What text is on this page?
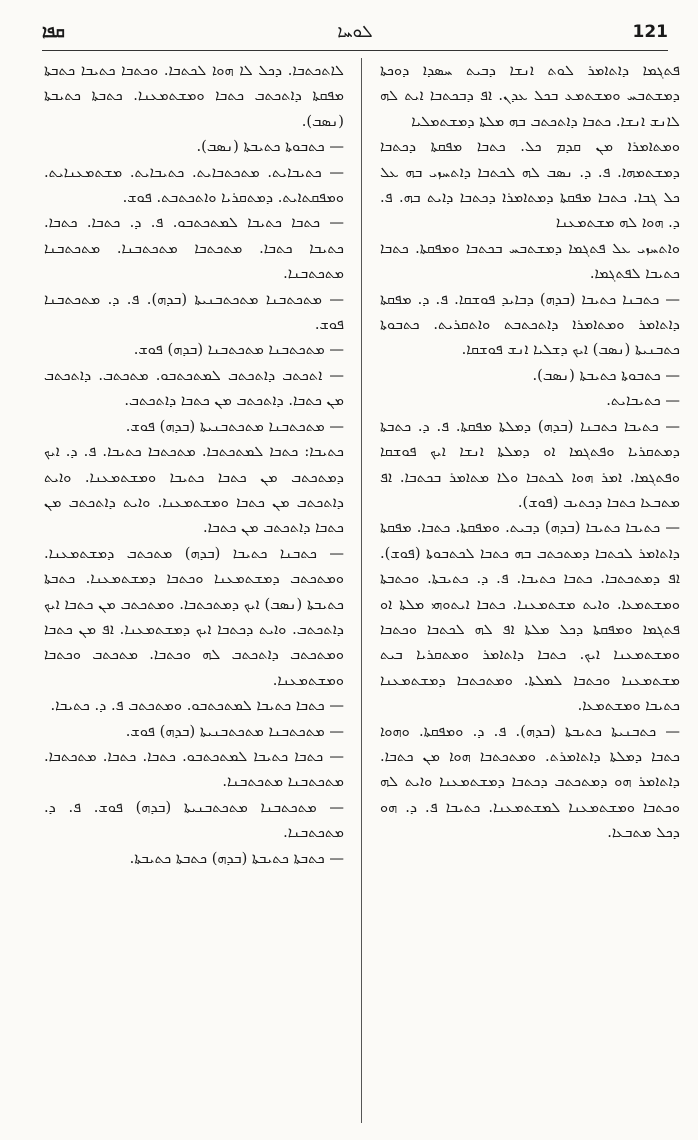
ܩܦܐ	ܠܘܚܐ	121

ܠܐܬܟܬܒܐ. ܕܟܠ ܠܐ ܗܘܐ ܠܟܬܒܐ. ܘܟܬܒܐ ܟܬܝܒܐ ܟܬܒܬܐ ܡܦܩܬܐ ܕܐܬܟܬܒ ܟܬܒܐ ܘܡܫܬܡܥܢܐ. ܟܬܒܬܐ ܟܬܝܒܬܐ (ܢܣܒ).

— ܟܬܒܘܬܐ ܟܬܝܒܬܐ (ܢܣܒ).

— ܟܬܝܒܐܝܬ. ܡܬܟܬܒܐܝܬ. ܟܬܝܒܐܝܬ. ܡܫܬܡܥܢܐܝܬ. ܘܡܦܩܬܐܝܬ. ܕܡܬܩܪܝܐ ܘܐܬܟܬܒܬ. ܦܘܫ.

— ܟܬܒܐ ܟܬܝܒܐ ܠܡܬܟܬܒܘ. ܦ. ܕ. ܟܬܒܐ. ܟܬܒܐ. ܟܬܝܒܐ ܟܬܒܐ. ܡܬܟܬܒܐ ܡܬܟܬܒܢܐ. ܡܬܟܬܒܢܐ ܡܬܟܬܒܢܐ.

— ܡܬܟܬܒܢܐ ܡܬܟܬܒܢܝܬܐ (ܒܕܗ). ܦ. ܕ. ܡܬܟܬܒܢܐ ܦܘܫ.

— ܡܬܟܬܒܢܐ ܡܬܟܬܒܢܐ (ܒܕܗ) ܦܘܫ.

— ܐܬܟܬܒ ܕܐܬܟܬܒ ܠܡܬܟܬܒܘ. ܡܬܟܬܒ. ܕܐܬܟܬܒ ܡܢ ܟܬܒܐ. ܕܐܬܟܬܒ ܡܢ ܟܬܒܐ ܕܐܬܟܬܒ.

— ܡܬܟܬܒܢܐ ܡܬܟܬܒܢܝܬܐ (ܒܕܗ) ܦܘܫ.

ܟܬܝܒܐ: ܟܬܒܐ ܠܡܬܟܬܒܐ. ܡܬܟܬܒܐ ܟܬܝܒܐ. ܦ. ܕ. ܐܝܟ ܕܡܬܟܬܒ ܡܢ ܟܬܒܐ ܟܬܝܒܐ ܘܡܫܬܡܥܢܐ. ܘܐܝܬ ܕܐܬܟܬܒ ܡܢ ܟܬܒܐ ܘܡܫܬܡܥܢܐ. ܘܐܝܬ ܕܐܬܟܬܒ ܡܢ ܟܬܒܐ ܕܐܬܟܬܒ ܡܢ ܟܬܒܐ.

— ܟܬܒܢܐ ܟܬܝܒܐ (ܒܕܗ) ܡܬܟܬܒ ܕܡܫܬܡܥܢܐ. ܘܡܬܟܬܒ ܕܡܫܬܡܥܢܐ ܘܟܬܒܐ ܕܡܫܬܡܥܢܐ. ܟܬܒܬܐ ܟܬܝܒܬܐ (ܢܣܒ) ܐܝܟ ܕܡܬܟܬܒܐ. ܘܡܬܟܬܒ ܡܢ ܟܬܒܐ ܐܝܟ ܕܐܬܟܬܒ. ܘܐܝܬ ܕܟܬܒܐ ܐܝܟ ܕܡܫܬܡܥܢܐ. ܐܦ ܡܢ ܟܬܒܐ ܘܡܬܟܬܒ ܕܐܬܟܬܒ ܠܗ ܘܟܬܒܐ. ܡܬܟܬܒ ܘܟܬܒܐ ܘܡܫܬܡܥܢܐ.

— ܟܬܒܐ ܟܬܝܒܐ ܠܡܬܟܬܒܘ. ܘܡܬܟܬܒ ܦ. ܕ. ܟܬܝܒܐ.

— ܡܬܟܬܒܢܐ ܡܬܟܬܒܢܝܬܐ (ܒܕܗ) ܦܘܫ.

— ܟܬܒܐ ܟܬܝܒܐ ܠܡܬܟܬܒܘ. ܟܬܒܐ. ܟܬܒܐ. ܡܬܟܬܒܐ. ܡܬܟܬܒܢܐ ܡܬܟܬܒܢܐ.

— ܡܬܟܬܒܢܐ ܡܬܟܬܒܢܝܬܐ (ܒܕܗ) ܦܘܫ. ܦ. ܕ. ܡܬܟܬܒܢܐ.

— ܟܬܒܬܐ ܟܬܝܒܬܐ (ܒܕܗ) ܟܬܒܬܐ ܟܬܝܒܬܐ.

ܦܬܓܡܐ ܕܐܬܐܡܪ ܠܘܬ ܐܢܫܐ ܕܒܝܬ ܚܣܕܐ ܕܘܟܬܐ ܕܡܫܬܒܚ ܘܡܫܬܡܥ ܒܟܠ ܥܕܢ. ܐܦ ܕܒܟܬܒܐ ܐܝܬ ܠܗ ܠܐܢܫ ܐܢܫܐ. ܟܬܒܐ ܕܐܬܟܬܒ ܒܗ ܡܠܬܐ ܕܡܫܬܡܠܝܐ

ܘܡܬܐܡܪܐ ܡܢ ܩܕܡ ܟܠ. ܟܬܒܐ ܡܦܩܬܐ ܕܟܬܒܐ ܕܡܫܬܡܗܐ. ܦ. ܕ. ܢܣܒ ܠܗ ܠܟܬܒܐ ܕܐܬܚܙܝ ܒܗ ܥܠ ܟܠ ܓܒܐ. ܟܬܒܐ ܡܦܩܬܐ ܕܡܬܐܡܪܐ ܕܟܬܒܐ ܕܐܝܬ ܒܗ. ܦ. ܕ. ܗܘܐ ܠܗ ܡܫܬܡܥܢܐ

ܘܐܬܚܙܝ ܥܠ ܦܬܓܡܐ ܕܡܫܬܒܚ ܒܟܬܒܐ ܘܡܦܩܬܐ. ܟܬܒܐ ܟܬܝܒܐ ܠܦܬܓܡܐ.

— ܟܬܒܢܐ ܟܬܝܒܐ (ܒܕܗ) ܕܒܐܝܕ ܦܘܫܩܐ. ܦ. ܕ. ܡܦܩܬܐ ܕܐܬܐܡܪ ܘܡܬܐܡܪܐ ܕܐܬܟܬܒܬ ܘܐܬܩܪܝܬ. ܟܬܒܘܬܐ ܟܬܒܢܝܬܐ (ܢܣܒ) ܐܝܟ ܕܫܠܝܐ ܐܢܫ ܦܘܫܩܐ.

— ܟܬܒܘܬܐ ܟܬܝܒܬܐ (ܢܣܒ).

— ܟܬܝܒܐܝܬ.

— ܟܬܝܒܐ ܟܬܒܢܐ (ܒܕܗ) ܕܡܠܬܐ ܡܦܩܬܐ. ܦ. ܕ. ܟܬܒܬܐ ܕܡܬܩܪܝܐ ܘܦܬܓܡܐ ܐܘ ܕܡܠܬܐ ܐܢܫܐ ܐܝܟ ܦܘܫܩܐ ܘܦܬܓܡܐ. ܐܡܪ ܗܘܐ ܠܟܬܒܐ ܘܠܐ ܡܬܐܡܪ ܒܟܬܒܐ. ܐܦ ܡܬܒܥܐ ܟܬܒܐ ܕܟܬܝܒ (ܦܘܫ).

— ܟܬܝܒܐ ܟܬܝܒܐ (ܒܕܗ) ܕܒܝܬ. ܘܡܦܩܬܐ. ܟܬܒܐ. ܡܦܩܬܐ ܕܐܬܐܡܪ ܠܟܬܒܐ ܕܡܬܟܬܒ ܒܗ ܟܬܒܐ ܠܟܬܒܘܬܐ (ܦܘܫ). ܐܦ ܕܡܬܟܬܒܐ. ܟܬܒܐ ܟܬܝܒܐ. ܦ. ܕ. ܟܬܝܒܬܐ. ܘܟܬܒܬܐ ܘܡܫܬܡܥܐ. ܘܐܝܬ ܡܫܬܡܥܢܐ. ܟܬܒܐ ܐܝܬܘܗܝ ܡܠܬܐ ܐܘ ܦܬܓܡܐ ܘܡܦܩܬܐ ܕܟܠ ܡܠܬܐ ܐܦ ܠܗ ܠܟܬܒܐ ܘܟܬܒܐ ܘܡܫܬܡܥܢܐ ܐܝܟ. ܟܬܒܐ ܕܐܬܐܡܪ ܘܡܬܩܪܝܐ ܒܝܬ ܡܫܬܡܥܢܐ ܘܟܬܒܐ ܠܡܠܬܐ. ܘܡܬܟܬܒܐ ܕܡܫܬܡܥܢܐ ܟܬܝܒܐ ܘܡܫܬܡܥܐ.

— ܟܬܒܢܝܬܐ ܟܬܝܒܬܐ (ܒܕܗ). ܦ. ܕ. ܘܡܦܩܬܐ. ܘܗܘܐ ܟܬܒܐ ܕܡܠܬܐ ܕܐܬܐܡܪܬ. ܘܡܬܟܬܒܐ ܗܘܐ ܡܢ ܟܬܒܐ. ܕܐܬܐܡܪ ܗܘ ܕܡܬܟܬܒ ܕܟܬܒܐ ܕܡܫܬܡܥܢܐ ܘܐܝܬ ܠܗ ܘܟܬܒܐ ܘܡܫܬܡܥܢܐ ܠܡܫܬܡܥܢܐ. ܟܬܝܒܐ ܦ. ܕ. ܗܘ ܕܟܠ ܡܬܒܥܐ.
